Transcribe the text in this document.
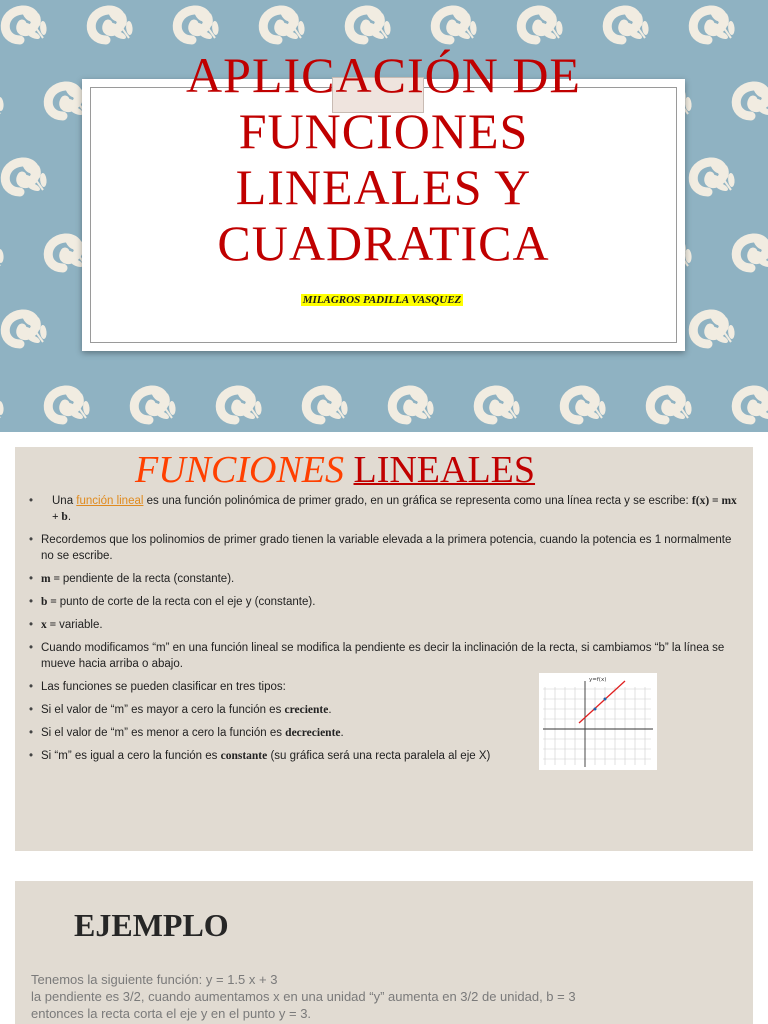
APLICACIÓN DE
FUNCIONES
LINEALES Y
CUADRATICA
MILAGROS PADILLA VASQUEZ
FUNCIONES LINEALES
• Una función lineal es una función polinómica de primer grado, en un gráfica se representa como una línea recta y se escribe: f(x) = mx + b.
• Recordemos que los polinomios de primer grado tienen la variable elevada a la primera potencia, cuando la potencia es 1 normalmente no se escribe.
• m = pendiente de la recta (constante).
• b = punto de corte de la recta con el eje y (constante).
• x = variable.
• Cuando modificamos “m” en una función lineal se modifica la pendiente es decir la inclinación de la recta, si cambiamos “b” la línea se mueve hacia arriba o abajo.
• Las funciones se pueden clasificar en tres tipos:
• Si el valor de “m” es mayor a cero la función es creciente.
• Si el valor de “m” es menor a cero la función es decreciente.
• Si “m” es igual a cero la función es constante (su gráfica será una recta paralela al eje X)
y=f(x)
EJEMPLO

Tenemos la siguiente función: y = 1.5 x + 3
la pendiente es 3/2, cuando aumentamos x en una unidad “y” aumenta en 3/2 de unidad, b = 3
entonces la recta corta el eje y en el punto y = 3.
